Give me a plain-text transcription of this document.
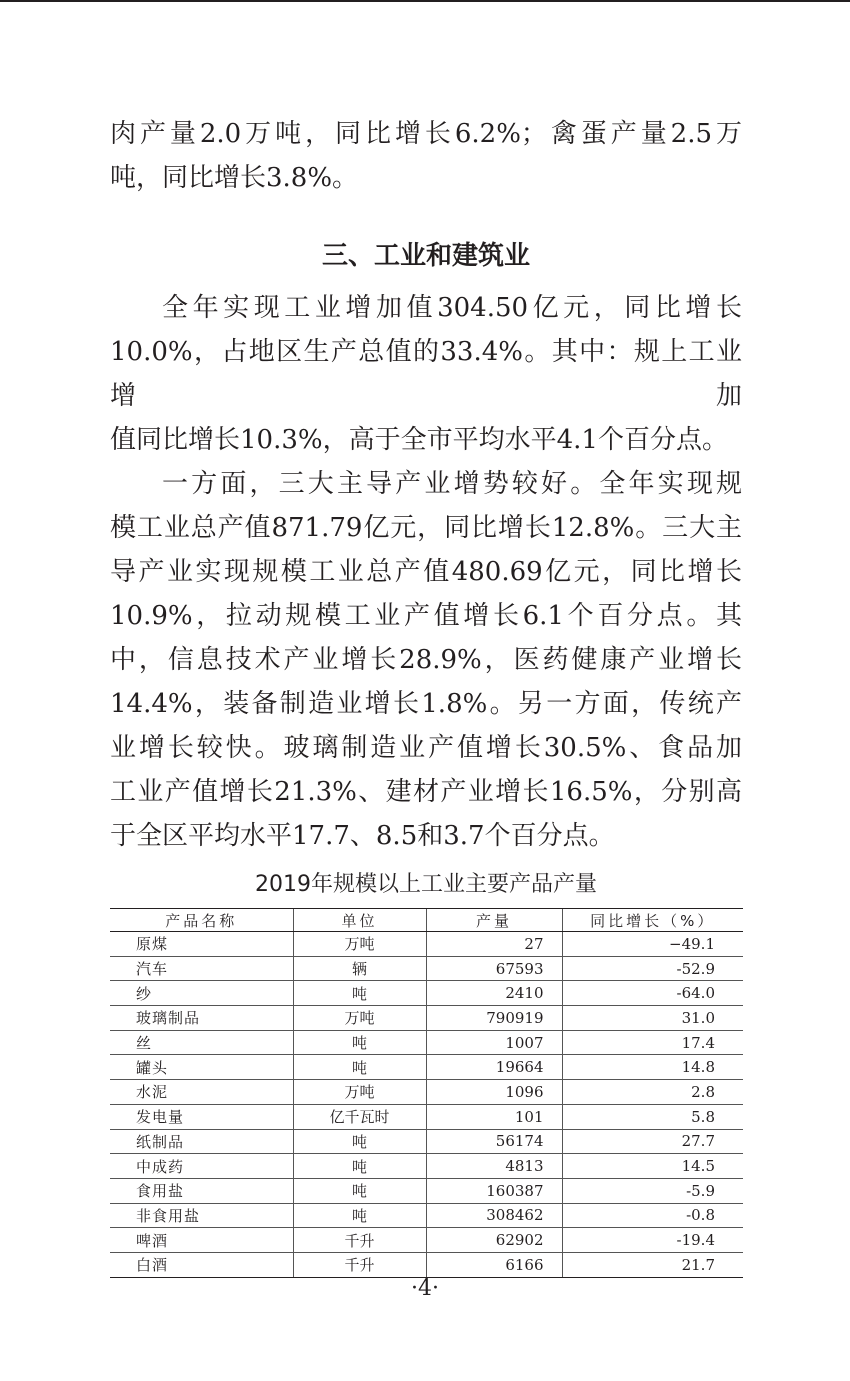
肉产量2.0万吨，同比增长6.2%；禽蛋产量2.5万

吨，同比增长3.8%。

三、工业和建筑业

全年实现工业增加值304.50亿元，同比增长

10.0%，占地区生产总值的33.4%。其中：规上工业增加

值同比增长10.3%，高于全市平均水平4.1个百分点。

一方面，三大主导产业增势较好。全年实现规

模工业总产值871.79亿元，同比增长12.8%。三大主

导产业实现规模工业总产值480.69亿元，同比增长

10.9%，拉动规模工业产值增长6.1个百分点。其

中，信息技术产业增长28.9%，医药健康产业增长

14.4%，装备制造业增长1.8%。另一方面，传统产

业增长较快。玻璃制造业产值增长30.5%、食品加

工业产值增长21.3%、建材产业增长16.5%，分别高

于全区平均水平17.7、8.5和3.7个百分点。

2019年规模以上工业主要产品产量
产品名称	单位	产量	同比增长（%）
原煤	万吨	27	−49.1
汽车	辆	67593	-52.9
纱	吨	2410	-64.0
玻璃制品	万吨	790919	31.0
丝	吨	1007	17.4
罐头	吨	19664	14.8
水泥	万吨	1096	2.8
发电量	亿千瓦时	101	5.8
纸制品	吨	56174	27.7
中成药	吨	4813	14.5
食用盐	吨	160387	-5.9
非食用盐	吨	308462	-0.8
啤酒	千升	62902	-19.4
白酒	千升	6166	21.7
·4·
